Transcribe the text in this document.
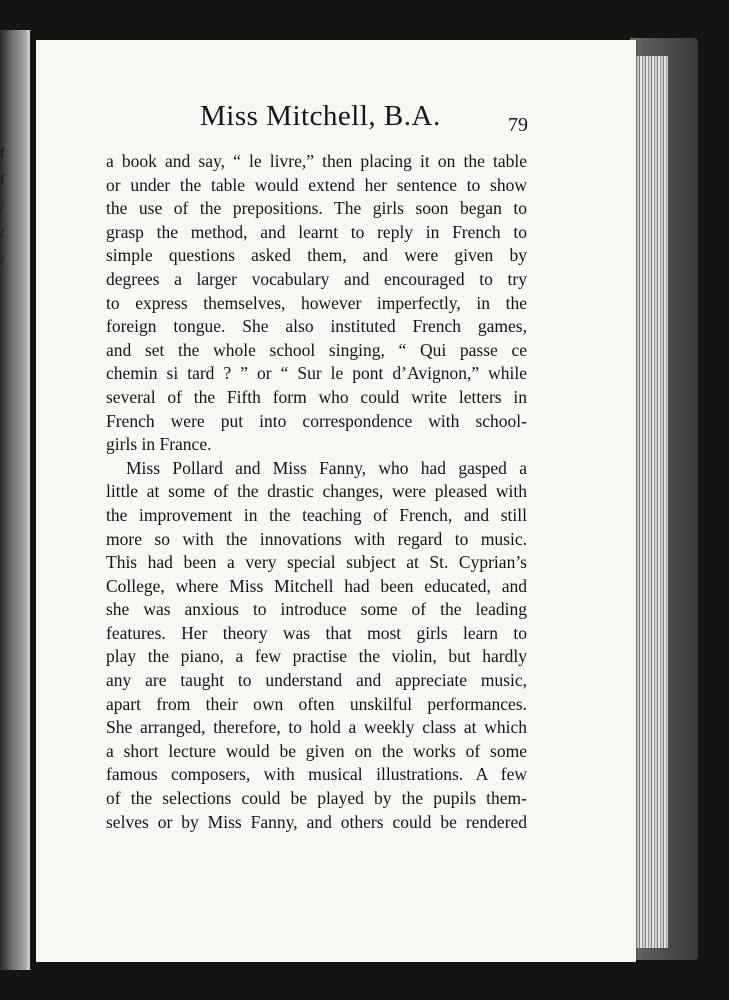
f
f
/
/
/
Miss Mitchell, B.A.	79
a book and say, “ le livre,” then placing it on the table
or under the table would extend her sentence to show
the use of the prepositions. The girls soon began to
grasp the method, and learnt to reply in French to
simple questions asked them, and were given by
degrees a larger vocabulary and encouraged to try
to express themselves, however imperfectly, in the
foreign tongue. She also instituted French games,
and set the whole school singing, “ Qui passe ce
chemin si tard ? ” or “ Sur le pont d’Avignon,” while
several of the Fifth form who could write letters in
French were put into correspondence with school-
girls in France.
Miss Pollard and Miss Fanny, who had gasped a
little at some of the drastic changes, were pleased with
the improvement in the teaching of French, and still
more so with the innovations with regard to music.
This had been a very special subject at St. Cyprian’s
College, where Miss Mitchell had been educated, and
she was anxious to introduce some of the leading
features. Her theory was that most girls learn to
play the piano, a few practise the violin, but hardly
any are taught to understand and appreciate music,
apart from their own often unskilful performances.
She arranged, therefore, to hold a weekly class at which
a short lecture would be given on the works of some
famous composers, with musical illustrations. A few
of the selections could be played by the pupils them-
selves or by Miss Fanny, and others could be rendered
